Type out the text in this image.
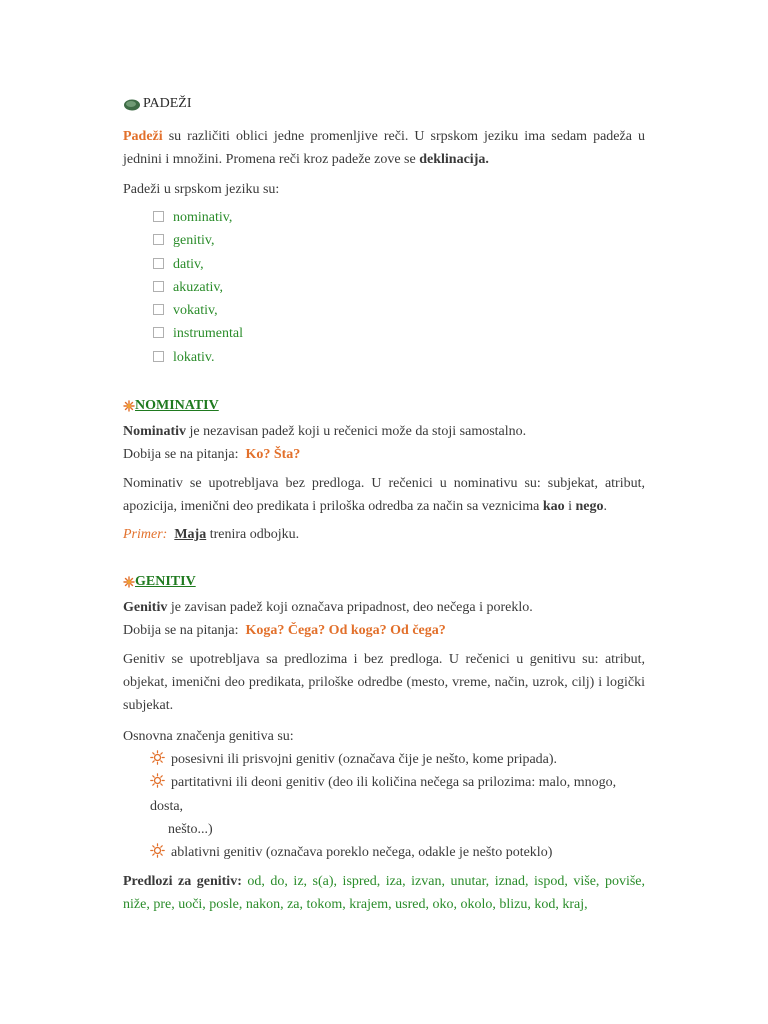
PADEŽI

Padeži su različiti oblici jedne promenljive reči. U srpskom jeziku ima sedam padeža u jednini i množini. Promena reči kroz padeže zove se deklinacija.

Padeži u srpskom jeziku su:

nominativ,
genitiv,
dativ,
akuzativ,
vokativ,
instrumental
lokativ.
NOMINATIV

Nominativ je nezavisan padež koji u rečenici može da stoji samostalno.

Dobija se na pitanja: Ko? Šta?

Nominativ se upotrebljava bez predloga. U rečenici u nominativu su: subjekat, atribut, apozicija, imenični deo predikata i priloška odredba za način sa veznicima kao i nego.

Primer: Maja trenira odbojku.

GENITIV

Genitiv je zavisan padež koji označava pripadnost, deo nečega i poreklo.

Dobija se na pitanja: Koga? Čega? Od koga? Od čega?

Genitiv se upotrebljava sa predlozima i bez predloga. U rečenici u genitivu su: atribut, objekat, imenični deo predikata, priloške odredbe (mesto, vreme, način, uzrok, cilj) i logički subjekat.

Osnovna značenja genitiva su:

posesivni ili prisvojni genitiv (označava čije je nešto, kome pripada).
partitativni ili deoni genitiv (deo ili količina nečega sa prilozima: malo, mnogo, dosta,
nešto...)
ablativni genitiv (označava poreklo nečega, odakle je nešto poteklo)

Predlozi za genitiv: od, do, iz, s(a), ispred, iza, izvan, unutar, iznad, ispod, više, poviše, niže, pre, uoči, posle, nakon, za, tokom, krajem, usred, oko, okolo, blizu, kod, kraj,
